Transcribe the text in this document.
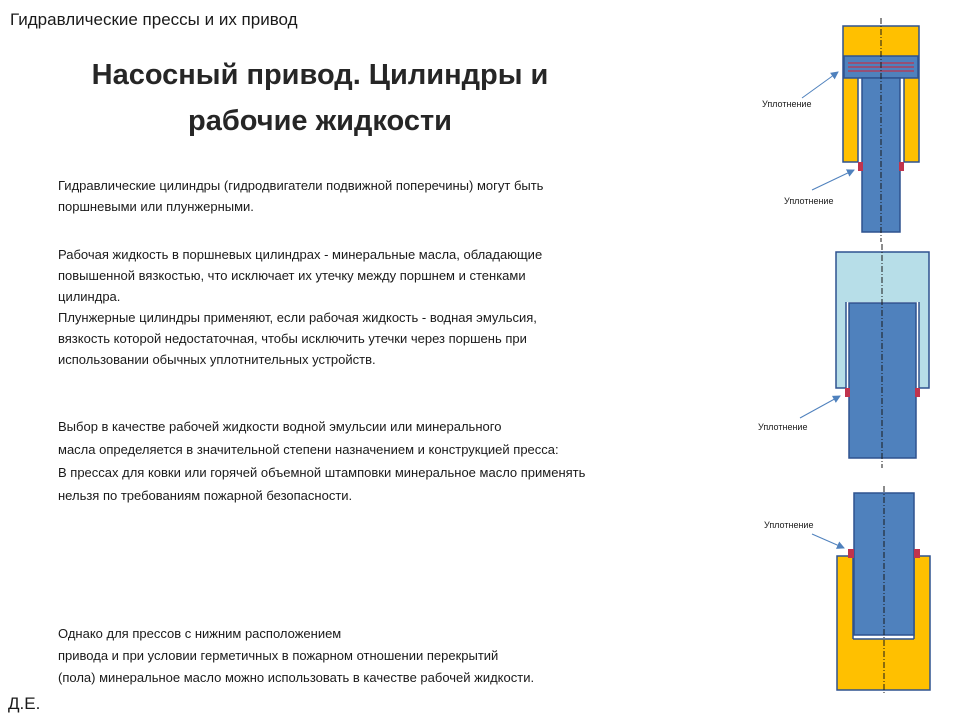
Гидравлические прессы и их привод
Насосный привод. Цилиндры и
рабочие жидкости
Гидравлические цилиндры (гидродвигатели подвижной поперечины) могут быть
поршневыми или плунжерными.
Рабочая жидкость в поршневых цилиндрах - минеральные масла, обладающие
повышенной вязкостью, что исключает их утечку между поршнем и стенками
цилиндра.
Плунжерные цилиндры применяют, если рабочая жидкость - водная эмульсия,
вязкость которой недостаточная, чтобы исключить утечки через поршень при
использовании обычных уплотнительных устройств.
Выбор в качестве рабочей жидкости водной эмульсии или минерального
масла определяется в значительной степени назначением и конструкцией пресса:
В прессах для ковки или горячей объемной штамповки минеральное масло применять
нельзя по требованиям пожарной безопасности.
Однако для прессов с нижним расположением
привода и при условии герметичных в пожарном отношении перекрытий
(пола) минеральное масло можно использовать в качестве рабочей жидкости.
Д.Е.
Уплотнение
Уплотнение
Уплотнение
Уплотнение
